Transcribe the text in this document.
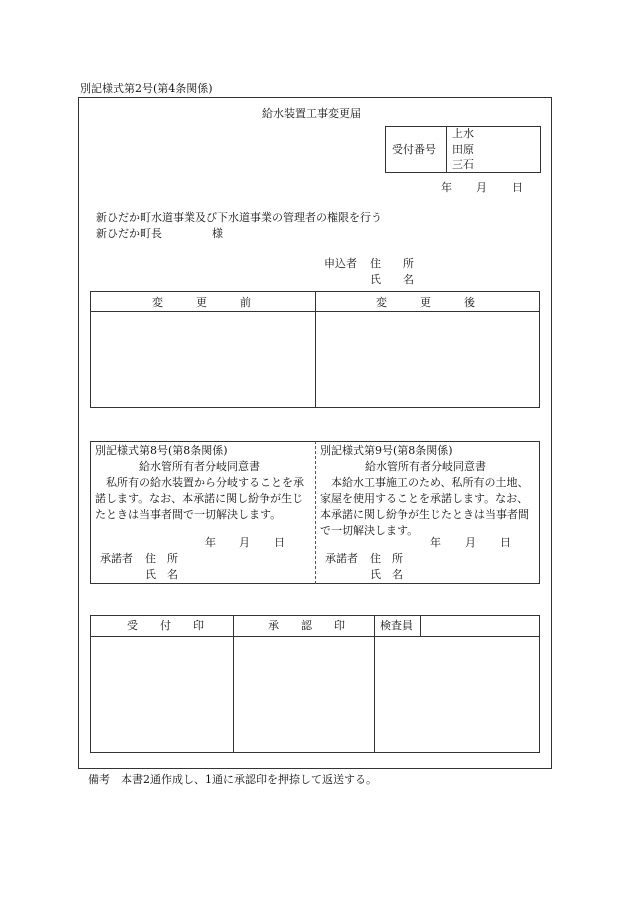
別記様式第2号(第4条関係)
給水装置工事変更届
受付番号
上水
田原
三石
年 月 日
新ひだか町水道事業及び下水道事業の管理者の権限を行う
新ひだか町長	様
申込者 住　　所
氏　　名
変　　　更　　　前	変　　　更　　　後
別記様式第8号(第8条関係)
給水管所有者分岐同意書
　私所有の給水装置から分岐することを承諾します。なお、本承諾に関し紛争が生じたときは当事者間で一切解決します。
年 月 日
承諾者 住　所
氏　名
別記様式第9号(第8条関係)
給水管所有者分岐同意書
　本給水工事施工のため、私所有の土地、家屋を使用することを承諾します。なお、本承諾に関し紛争が生じたときは当事者間で一切解決します。
年 月 日
承諾者 住　所
氏　名
受　　付　　印	承　　認　　印	検査員
備考　本書2通作成し、1通に承認印を押捺して返送する。
